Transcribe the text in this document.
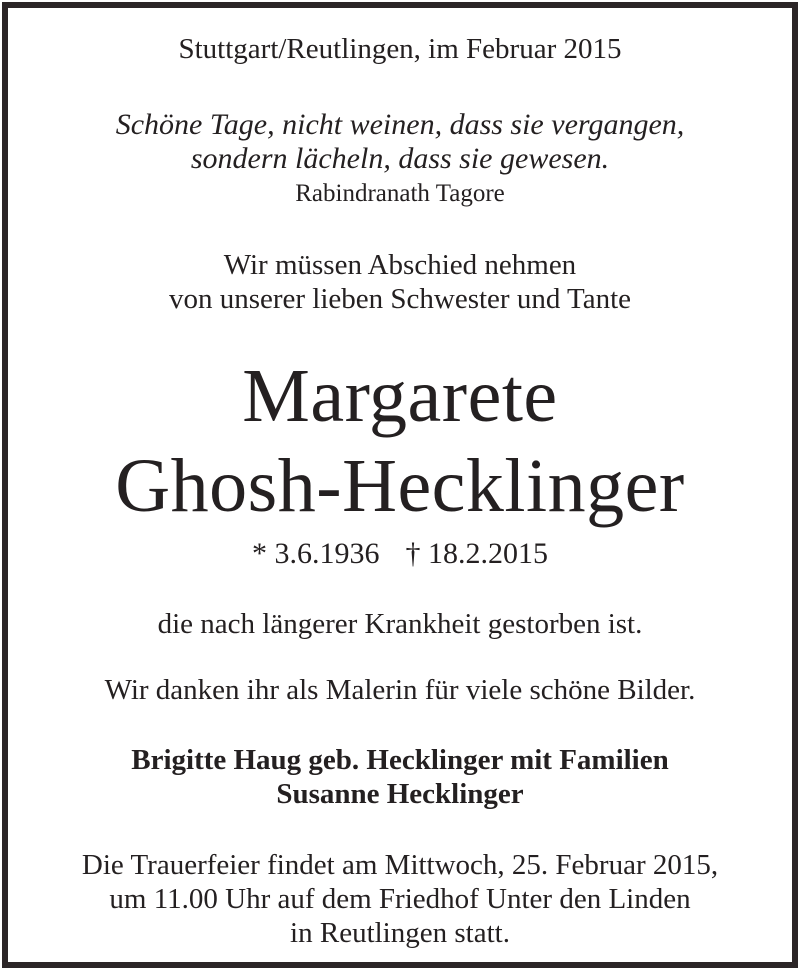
Stuttgart/Reutlingen, im Februar 2015
Schöne Tage, nicht weinen, dass sie vergangen,
sondern lächeln, dass sie gewesen.
Rabindranath Tagore
Wir müssen Abschied nehmen
von unserer lieben Schwester und Tante
Margarete
Ghosh-Hecklinger
* 3.6.1936 † 18.2.2015
die nach längerer Krankheit gestorben ist.
Wir danken ihr als Malerin für viele schöne Bilder.
Brigitte Haug geb. Hecklinger mit Familien
Susanne Hecklinger
Die Trauerfeier findet am Mittwoch, 25. Februar 2015,
um 11.00 Uhr auf dem Friedhof Unter den Linden
in Reutlingen statt.
